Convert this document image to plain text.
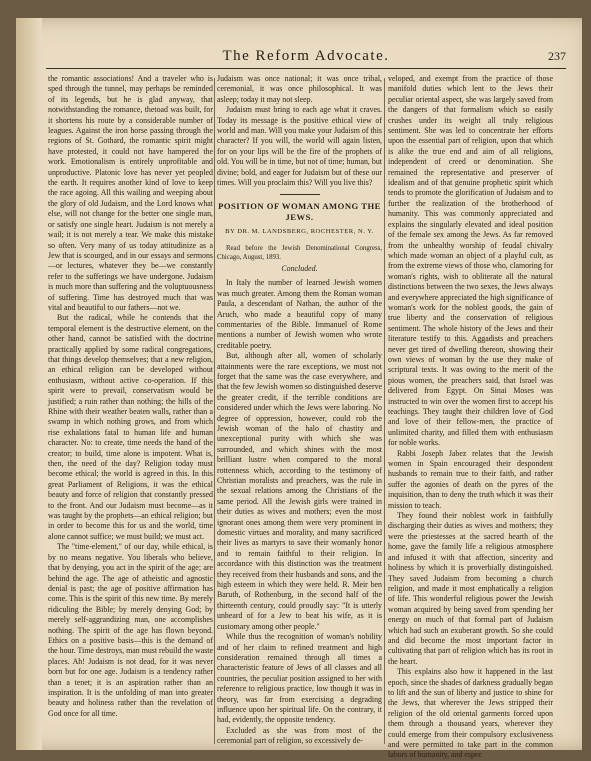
The Reform Advocate.	237

the romantic associations! And a traveler who is sped through the tunnel, may perhaps be reminded of its legends, but he is glad anyway, that notwithstanding the romance, thetoad was built, for it shortens his route by a considerable number of leagues. Against the iron horse passing through the regions of St. Gothard, the romantic spirit might have protested, it could not have hampered the work. Emotionalism is entirely unprofitable and unproductive. Platonic love has never yet peopled the earth. It requires another kind of love to keep the race agoing. All this wailing and weeping about the glory of old Judaism, and the Lord knows what else, will not change for the better one single man, or satisfy one single heart. Judaism is not merely a wail; it is not merely a tear. We make this mistake so often. Very many of us today attitudinize as a Jew that is scourged, and in our essays and sermons—or lectures, whatever they be—we constantly refer to the sufferings we have undergone. Judaism is much more than suffering and the voluptuousness of suffering. Time has destroyed much that was vital and beautiful to our fathers—not we.

But the radical, while he contends that the temporal element is the destructive element, on the other hand, cannot be satisfied with the doctrine practically applied by some radical congregations, that things develop themselves; that a new religion, an ethical religion can be developed without enthusiasm, without active co-operation. If this spirit were to prevail, conservatism would be justified; a ruin rather than nothing; the hills of the Rhine with their weather beaten walls, rather than a swamp in which nothing grows, and from which rise exhalations fatal to human life and human character. No: to create, time needs the hand of the creator; to build, time alone is impotent. What is, then, the need of the day? Religion today must become ethical; the world is agreed in this. In this great Parliament of Religions, it was the ethical beauty and force of religion that constantly pressed to the front. And our Judaism must become—as it was taught by the prophets—an ethical religion; but in order to become this for us and the world, time alone cannot suffice; we must build; we must act.

The "time-element," of our day, while ethical, is by no means negative. You liberals who believe, that by denying, you act in the spirit of the age; are behind the age. The age of atheistic and agnostic denial is past; the age of positive affirmation has come. This is the spirit of this new time. By merely ridiculing the Bible; by merely denying God; by merely self-aggrandizing man, one accomplishes nothing. The spirit of the age has flown beyond. Ethics on a positive basis—this is the demand of the hour. Time destroys, man must rebuild the waste places. Ah! Judaism is not dead, for it was never born but for one age. Judaism is a tendency rather than a tenet; it is an aspiration rather than an inspiration. It is the unfolding of man into greater beauty and holiness rather than the revelation of God once for all time.

Judaism was once national; it was once tribal, ceremonial, it was once philosophical. It was asleep; today it may not sleep.

Judaism must bring to each age what it craves. Today its message is the positive ethical view of world and man. Will you make your Judaism of this character? If you will, the world will again listen, for on your lips will be the fire of the prophets of old. You will be in time, but not of time; human, but divine; bold, and eager for Judaism but of these our times. Will you proclaim this? Will you live this?

POSITION OF WOMAN AMONG THE JEWS.
BY DR. M. LANDSBERG, ROCHESTER, N. Y.

Read before the Jewish Denominational Congress, Chicago, August, 1893.

Concluded.

In Italy the number of learned Jewish women was much greater. Among them the Roman woman Paula, a descendant of Nathan, the author of the Aruch, who made a beautiful copy of many commentaries of the Bible. Immanuel of Rome mentions a number of Jewish women who wrote creditable poetry.

But, although after all, women of scholarly attainments were the rare exceptions, we must not forget that the same was the case everywhere, and that the few Jewish women so distinguished deserve the greater credit, if the terrible conditions are considered under which the Jews were laboring. No degree of oppression, however, could rob the Jewish woman of the halo of chastity and unexceptional purity with which she was surrounded, and which shines with the most brilliant lustre when compared to the moral rottenness which, according to the testimony of Christian moralists and preachers, was the rule in the sexual relations among the Christians of the same period. All the Jewish girls were trained in their duties as wives and mothers; even the most ignorant ones among them were very prominent in domestic virtues and morality, and many sacrificed their lives as martyrs to save their womanly honor and to remain faithful to their religion. In accordance with this distinction was the treatment they received from their husbands and sons, and the high esteem in which they were held. R. Meir ben Baruth, of Rothenburg, in the second half of the thirteenth century, could proudly say: "It is utterly unheard of for a Jew to beat his wife, as it is customary among other people."

While thus the recognition of woman's nobility and of her claim to refined treatment and high consideration remained through all times a characteristic feature of Jews of all classes and all countries, the peculiar position assigned to her with reference to religious practice, low though it was in theory, was far from exercising a degrading influence upon her spiritual life. On the contrary, it had, evidently, the opposite tendency.

Excluded as she was from most of the ceremonial part of religion, so excessively de-

veloped, and exempt from the practice of those manifold duties which lent to the Jews their peculiar oriental aspect, she was largely saved from the dangers of that formalism which so easily crushes under its weight all truly religious sentiment. She was led to concentrate her efforts upon the essential part of religion, upon that which is alike the true end and aim of all religions, independent of creed or denomination. She remained the representative and preserver of idealism and of that genuine prophetic spirit which tends to promote the glorification of Judaism and to further the realization of the brotherhood of humanity. This was commonly appreciated and explains the singularly elevated and ideal position of the female sex among the Jews. As far removed from the unhealthy worship of feudal chivalry which made woman an object of a playful cult, as from the extreme views of those who, clamoring for woman's rights, wish to obliterate all the natural distinctions between the two sexes, the Jews always and everywhere appreciated the high significance of woman's work for the noblest goods, the gain of true liberty and the conservation of religious sentiment. The whole history of the Jews and their literature testify to this. Aggadists and preachers never get tired of dwelling thereon, showing their own views of woman by the use they make of scriptural texts. It was owing to the merit of the pious women, the preachers said, that Israel was delivered from Egypt. On Sinai Moses was instructed to win over the women first to accept his teachings. They taught their children love of God and love of their fellow-men, the practice of unlimited charity, and filled them with enthusiasm for noble works.

Rabbi Joseph Jabez relates that the Jewish women in Spain encouraged their despondent husbands to remain true to their faith, and rather suffer the agonies of death on the pyres of the inquisition, than to deny the truth which it was their mission to teach.

They found their noblest work in faithfully discharging their duties as wives and mothers; they were the priestesses at the sacred hearth of the home, gave the family life a religious atmosphere and infused it with that affection, sincerity and holiness by which it is proverbially distinguished. They saved Judaism from becoming a church religion, and made it most emphatically a religion of life. This wonderful religious power the Jewish woman acquired by being saved from spending her energy on much of that formal part of Judaism which had such an exuberant growth. So she could and did become the most important factor in cultivating that part of religion which has its root in the heart.

This explains also how it happened in the last epoch, since the shades of darkness gradually began to lift and the sun of liberty and justice to shine for the Jews, that wherever the Jews stripped their religion of the old oriental garments forced upon them through a thousand years, wherever they could emerge from their compulsory exclusiveness and were permitted to take part in the common labors of humanity, and espec
